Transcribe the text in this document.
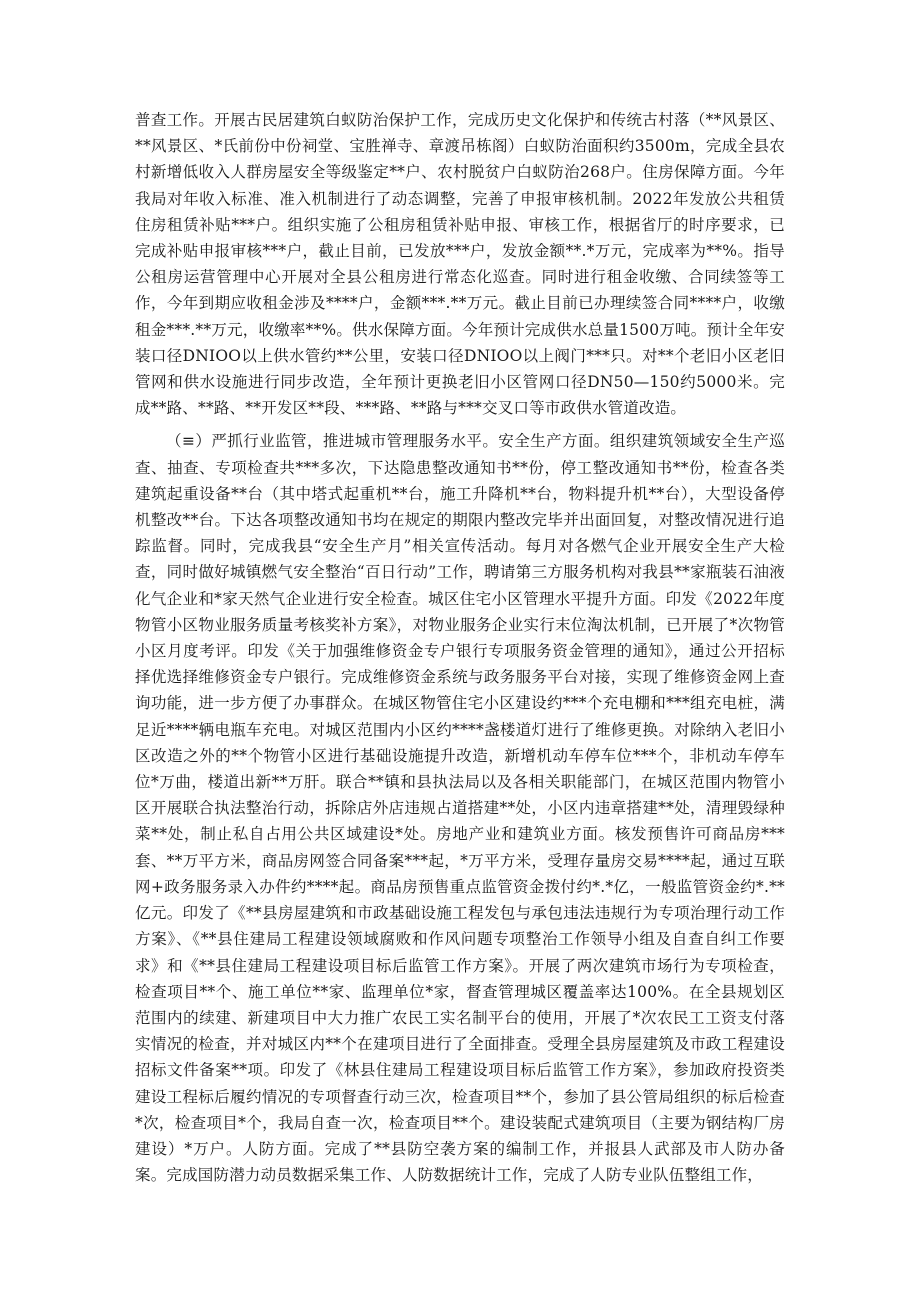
普查工作。开展古民居建筑白蚁防治保护工作，完成历史文化保护和传统古村落（**风景区、**风景区、*氏前份中份祠堂、宝胜禅寺、章渡吊栋阁）白蚁防治面积约3500m，完成全县农村新增低收入人群房屋安全等级鉴定**户、农村脱贫户白蚁防治268户。住房保障方面。今年我局对年收入标准、准入机制进行了动态调整，完善了申报审核机制。2022年发放公共租赁住房租赁补贴***户。组织实施了公租房租赁补贴申报、审核工作，根据省厅的时序要求，已完成补贴申报审核***户，截止目前，已发放***户，发放金额**.*万元，完成率为**%。指导公租房运营管理中心开展对全县公租房进行常态化巡查。同时进行租金收缴、合同续签等工作，今年到期应收租金涉及****户，金额***.**万元。截止目前已办理续签合同****户，收缴租金***.**万元，收缴率**%。供水保障方面。今年预计完成供水总量1500万吨。预计全年安装口径DNIOO以上供水管约**公里，安装口径DNIOO以上阀门***只。对**个老旧小区老旧管网和供水设施进行同步改造，全年预计更换老旧小区管网口径DN50—150约5000米。完成**路、**路、**开发区**段、***路、**路与***交叉口等市政供水管道改造。

（≡）严抓行业监管，推进城市管理服务水平。安全生产方面。组织建筑领域安全生产巡查、抽查、专项检查共***多次，下达隐患整改通知书**份，停工整改通知书**份，检查各类建筑起重设备**台（其中塔式起重机**台，施工升降机**台，物料提升机**台），大型设备停机整改**台。下达各项整改通知书均在规定的期限内整改完毕并出面回复，对整改情况进行追踪监督。同时，完成我县“安全生产月”相关宣传活动。每月对各燃气企业开展安全生产大检查，同时做好城镇燃气安全整治“百日行动”工作，聘请第三方服务机构对我县**家瓶装石油液化气企业和*家天然气企业进行安全检查。城区住宅小区管理水平提升方面。印发《2022年度物管小区物业服务质量考核奖补方案》，对物业服务企业实行末位淘汰机制，已开展了*次物管小区月度考评。印发《关于加强维修资金专户银行专项服务资金管理的通知》，通过公开招标择优选择维修资金专户银行。完成维修资金系统与政务服务平台对接，实现了维修资金网上查询功能，进一步方便了办事群众。在城区物管住宅小区建设约***个充电棚和***组充电桩，满足近****辆电瓶车充电。对城区范围内小区约****盏楼道灯进行了维修更换。对除纳入老旧小区改造之外的**个物管小区进行基础设施提升改造，新增机动车停车位***个，非机动车停车位*万曲，楼道出新**万肝。联合**镇和县执法局以及各相关职能部门，在城区范围内物管小区开展联合执法整治行动，拆除店外店违规占道搭建**处，小区内违章搭建**处，清理毁绿种菜**处，制止私自占用公共区域建设*处。房地产业和建筑业方面。核发预售许可商品房***套、**万平方米，商品房网签合同备案***起，*万平方米，受理存量房交易****起，通过互联网+政务服务录入办件约****起。商品房预售重点监管资金拨付约*.*亿，一般监管资金约*.**亿元。印发了《**县房屋建筑和市政基础设施工程发包与承包违法违规行为专项治理行动工作方案》、《**县住建局工程建设领域腐败和作风问题专项整治工作领导小组及自查自纠工作要求》和《**县住建局工程建设项目标后监管工作方案》。开展了两次建筑市场行为专项检查，检查项目**个、施工单位**家、监理单位*家，督查管理城区覆盖率达100%。在全县规划区范围内的续建、新建项目中大力推广农民工实名制平台的使用，开展了*次农民工工资支付落实情况的检查，并对城区内**个在建项目进行了全面排查。受理全县房屋建筑及市政工程建设招标文件备案**项。印发了《林县住建局工程建设项目标后监管工作方案》，参加政府投资类建设工程标后履约情况的专项督查行动三次，检查项目**个，参加了县公管局组织的标后检查*次，检查项目*个，我局自查一次，检查项目**个。建设装配式建筑项目（主要为钢结构厂房建设）*万户。人防方面。完成了**县防空袭方案的编制工作，并报县人武部及市人防办备案。完成国防潜力动员数据采集工作、人防数据统计工作，完成了人防专业队伍整组工作，
